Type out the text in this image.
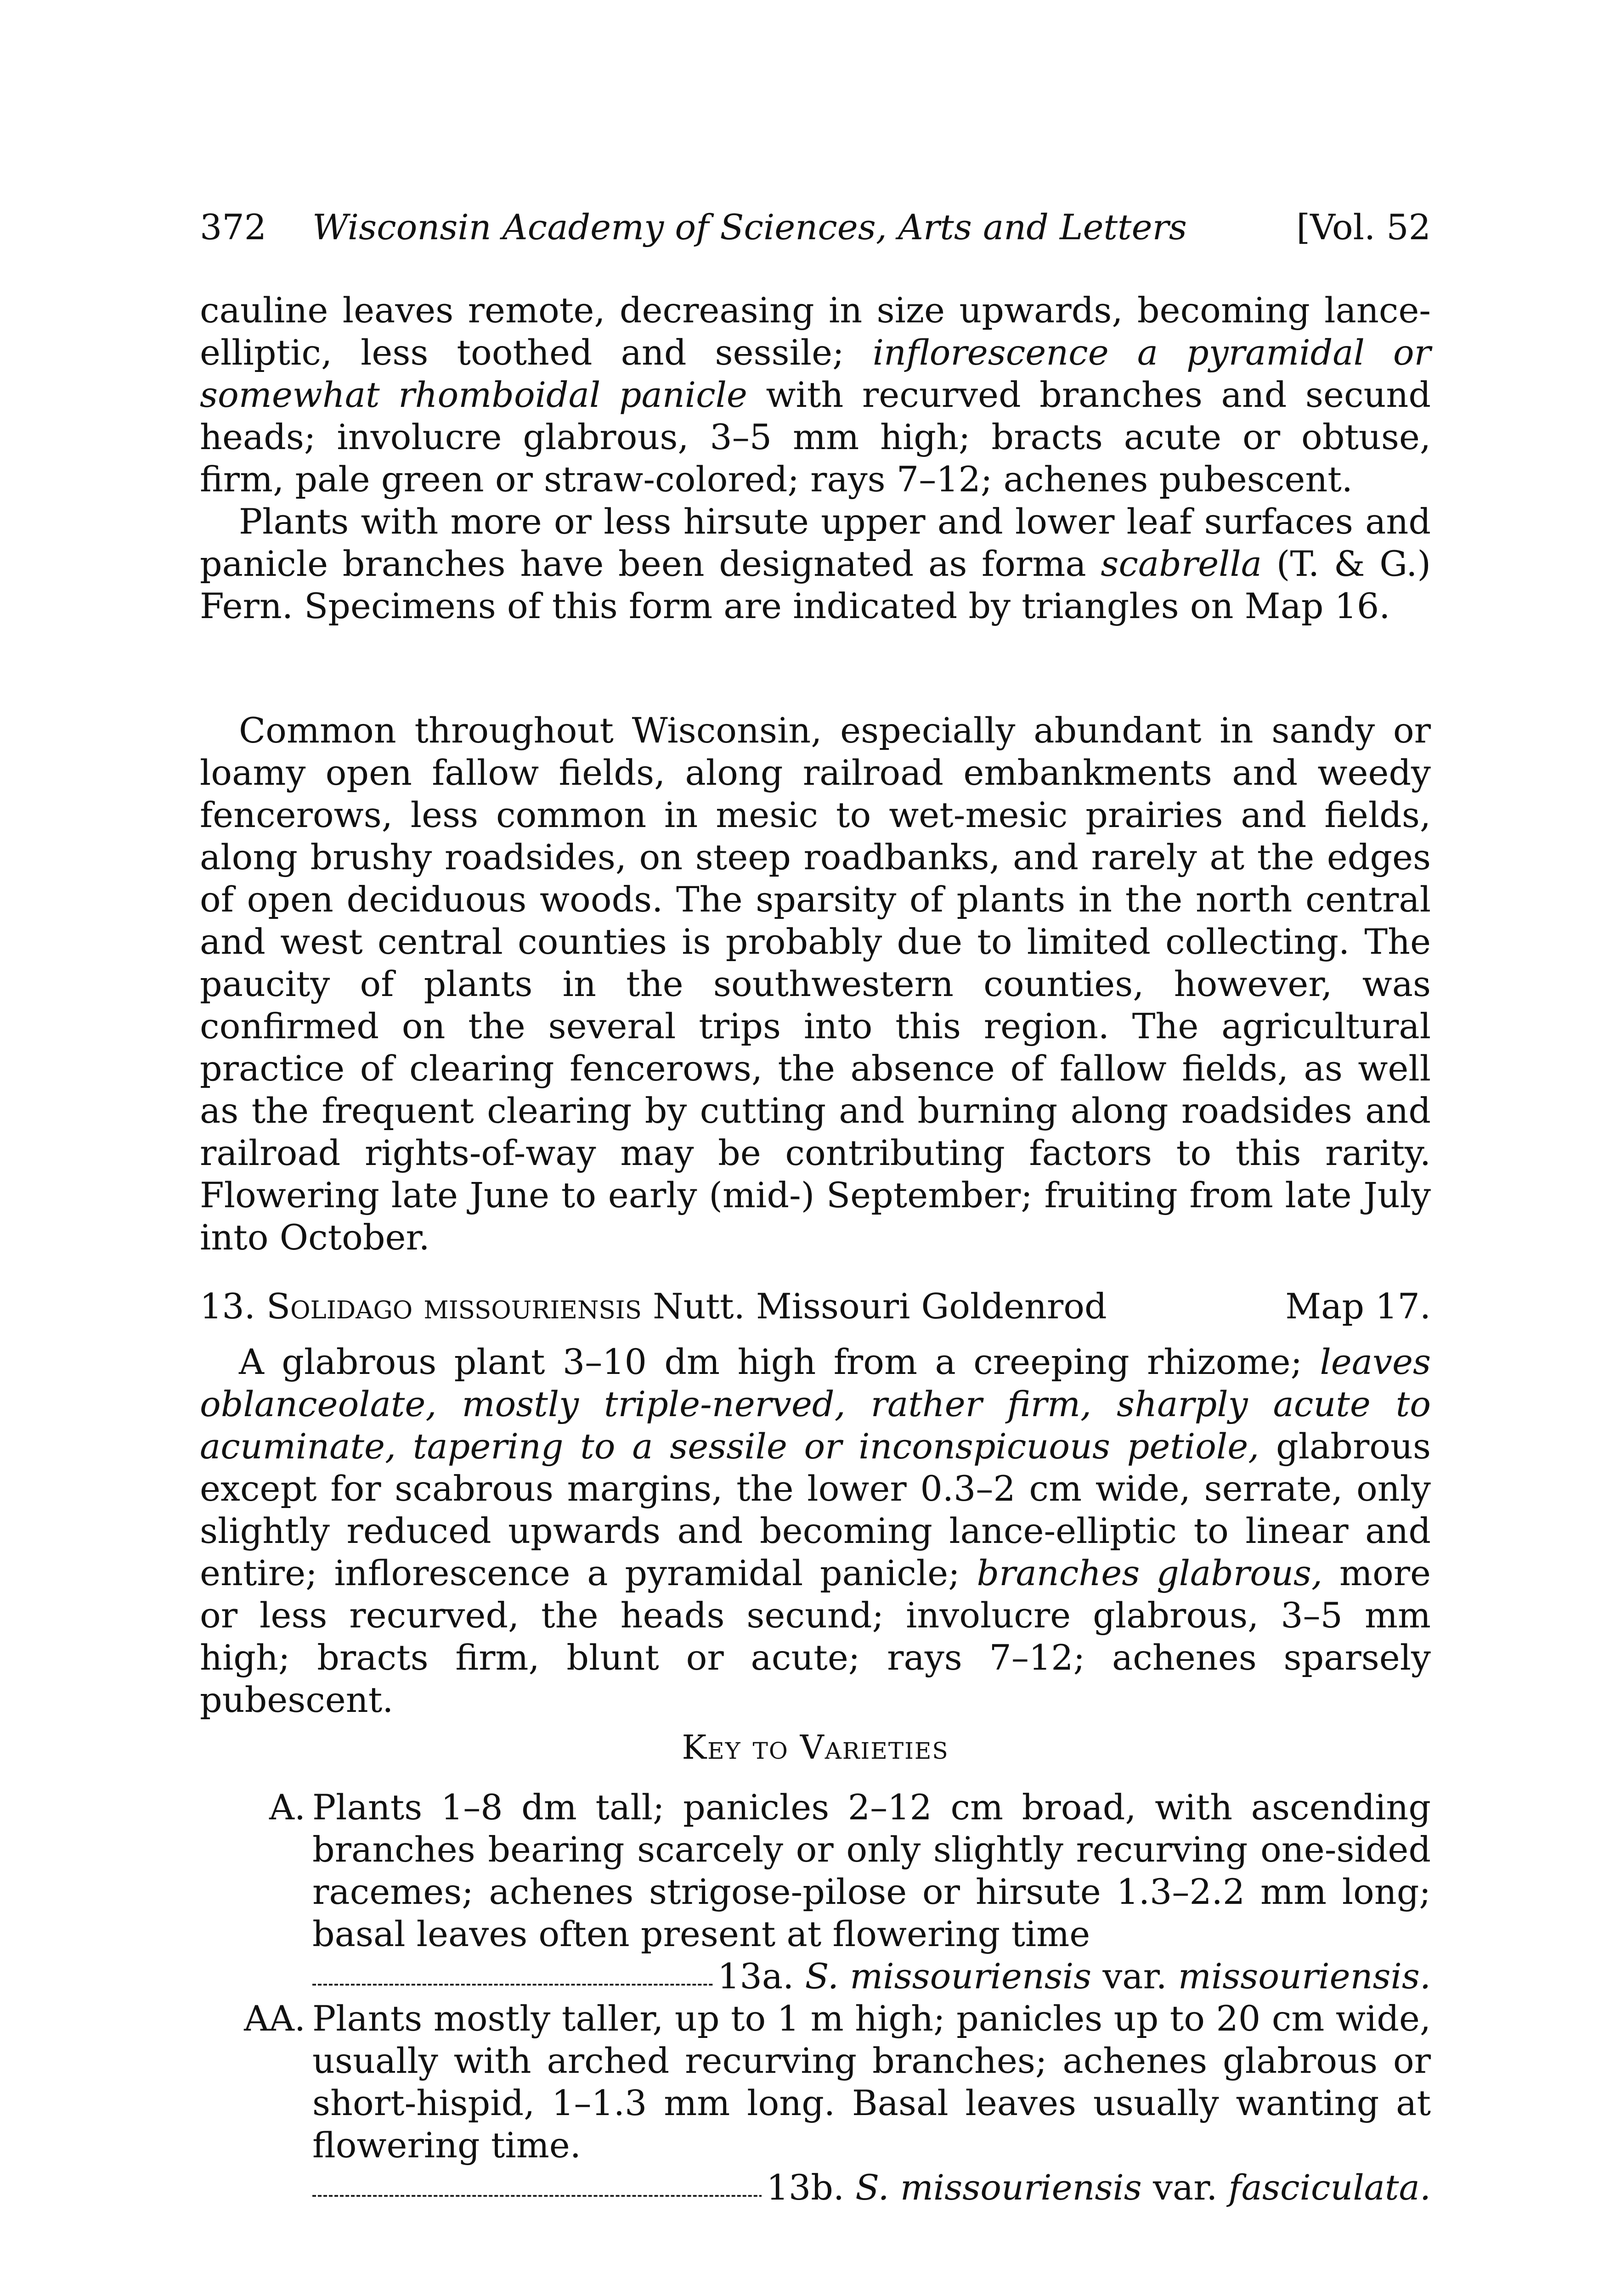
372 Wisconsin Academy of Sciences, Arts and Letters	[Vol. 52

cauline leaves remote, decreasing in size upwards, becoming lance-elliptic, less toothed and sessile; inflorescence a pyramidal or somewhat rhomboidal panicle with recurved branches and secund heads; involucre glabrous, 3–5 mm high; bracts acute or obtuse, firm, pale green or straw-colored; rays 7–12; achenes pubescent.

Plants with more or less hirsute upper and lower leaf surfaces and panicle branches have been designated as forma scabrella (T. & G.) Fern. Specimens of this form are indicated by triangles on Map 16.

Common throughout Wisconsin, especially abundant in sandy or loamy open fallow fields, along railroad embankments and weedy fencerows, less common in mesic to wet-mesic prairies and fields, along brushy roadsides, on steep roadbanks, and rarely at the edges of open deciduous woods. The sparsity of plants in the north central and west central counties is probably due to limited collecting. The paucity of plants in the southwestern counties, however, was confirmed on the several trips into this region. The agricultural practice of clearing fencerows, the absence of fallow fields, as well as the frequent clearing by cutting and burning along roadsides and railroad rights-of-way may be contributing factors to this rarity. Flowering late June to early (mid-) September; fruiting from late July into October.

13. Solidago missouriensis Nutt. Missouri Goldenrod	Map 17.

A glabrous plant 3–10 dm high from a creeping rhizome; leaves oblanceolate, mostly triple-nerved, rather firm, sharply acute to acuminate, tapering to a sessile or inconspicuous petiole, glabrous except for scabrous margins, the lower 0.3–2 cm wide, serrate, only slightly reduced upwards and becoming lance-elliptic to linear and entire; inflorescence a pyramidal panicle; branches glabrous, more or less recurved, the heads secund; involucre glabrous, 3–5 mm high; bracts firm, blunt or acute; rays 7–12; achenes sparsely pubescent.

Key to Varieties
A. Plants 1–8 dm tall; panicles 2–12 cm broad, with ascending branches bearing scarcely or only slightly recurving one-sided racemes; achenes strigose-pilose or hirsute 1.3–2.2 mm long; basal leaves often present at flowering time
13a. S. missouriensis var. missouriensis.
AA. Plants mostly taller, up to 1 m high; panicles up to 20 cm wide, usually with arched recurving branches; achenes glabrous or short-hispid, 1–1.3 mm long. Basal leaves usually wanting at flowering time.
13b. S. missouriensis var. fasciculata.
